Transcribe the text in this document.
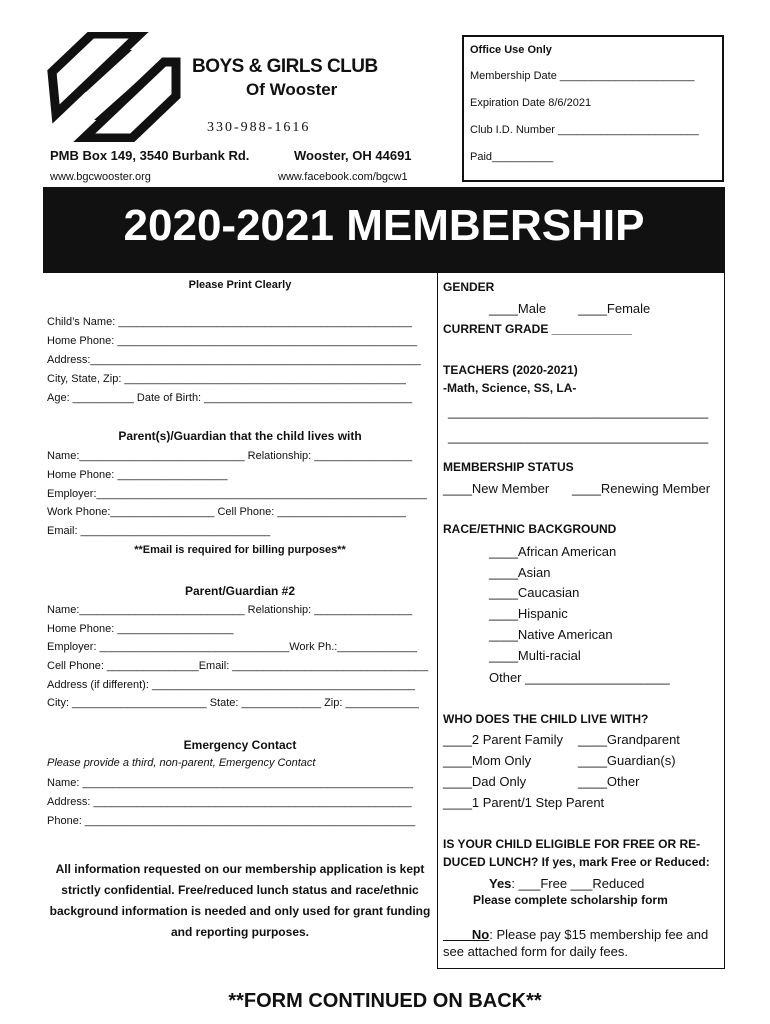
BOYS & GIRLS CLUB
Of Wooster
330-988-1616
PMB Box 149, 3540 Burbank Rd.	Wooster, OH 44691
www.bgcwooster.org	www.facebook.com/bgcw1
Office Use Only
Membership Date ______________________
Expiration Date 8/6/2021
Club I.D. Number _______________________
Paid__________
2020-2021 MEMBERSHIP
Please Print Clearly
Child’s Name: ________________________________________________
Home Phone: _________________________________________________
Address:______________________________________________________
City, State, Zip: ______________________________________________
Age: __________ Date of Birth: __________________________________
Parent(s)/Guardian that the child lives with
Name:___________________________ Relationship: ________________
Home Phone: __________________
Employer:______________________________________________________
Work Phone:_________________ Cell Phone: _____________________
Email: _______________________________
**Email is required for billing purposes**
Parent/Guardian #2
Name:___________________________ Relationship: ________________
Home Phone: ___________________
Employer: _______________________________Work Ph.:_____________
Cell Phone: _______________Email: ________________________________
Address (if different): ___________________________________________
City: ______________________ State: _____________ Zip: ____________
Emergency Contact
Please provide a third, non-parent, Emergency Contact
Name: ______________________________________________________
Address: ____________________________________________________
Phone: ______________________________________________________
All information requested on our membership application is kept
strictly confidential. Free/reduced lunch status and race/ethnic
background information is needed and only used for grant funding
and reporting purposes.
GENDER
____Male ____Female
CURRENT GRADE ____________
TEACHERS (2020-2021)
-Math, Science, SS, LA-
____________________________________
____________________________________
MEMBERSHIP STATUS
____New Member ____Renewing Member
RACE/ETHNIC BACKGROUND
____African American
____Asian
____Caucasian
____Hispanic
____Native American
____Multi-racial
Other ____________________
WHO DOES THE CHILD LIVE WITH?
____2 Parent Family ____Grandparent
____Mom Only	____Guardian(s)
____Dad Only	____Other
____1 Parent/1 Step Parent
IS YOUR CHILD ELIGIBLE FOR FREE OR RE-
DUCED LUNCH? If yes, mark Free or Reduced:
Yes: ___Free ___Reduced
Please complete scholarship form
____No: Please pay $15 membership fee and
see attached form for daily fees.
**FORM CONTINUED ON BACK**
